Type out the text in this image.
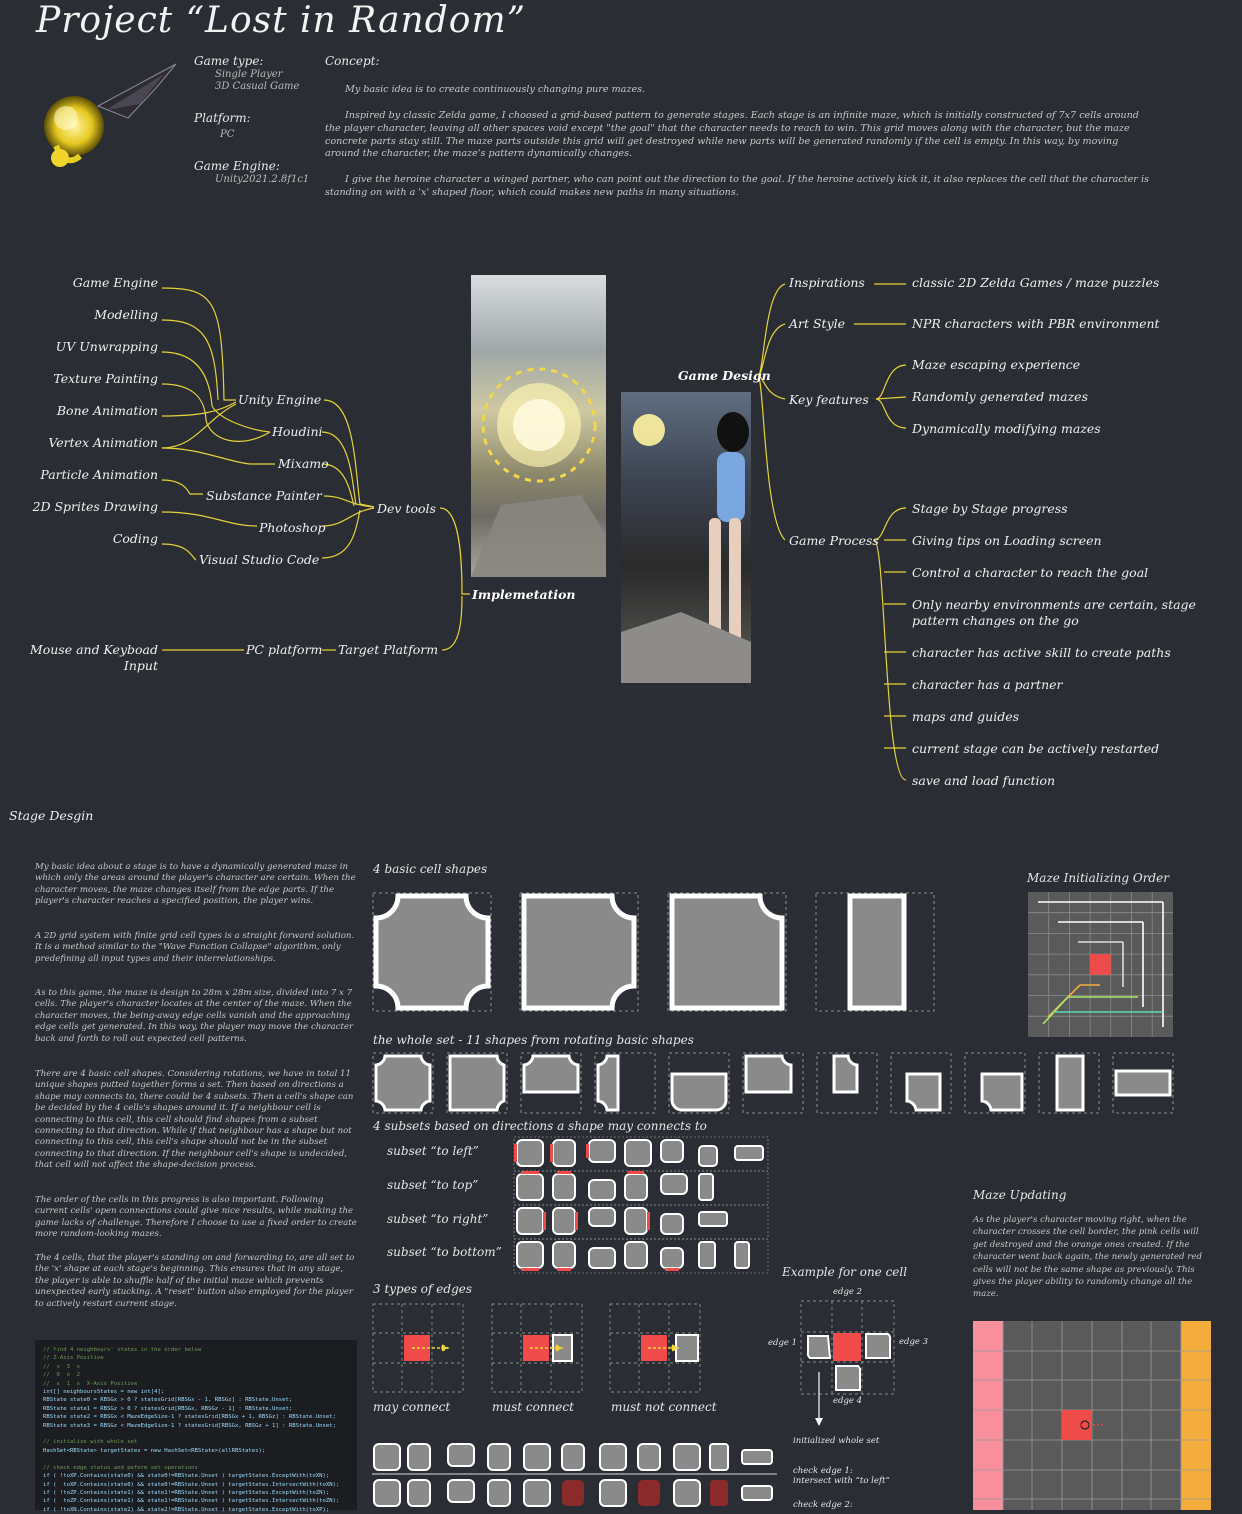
Project “Lost in Random”
Game type:
Single Player
3D Casual Game
Platform:
PC
Game Engine:
Unity2021.2.8f1c1
Concept:
My basic idea is to create continuously changing pure mazes.
Inspired by classic Zelda game, I choosed a grid-based pattern to generate stages. Each stage is an infinite maze, which is initially constructed of 7x7 cells around the player character, leaving all other spaces void except "the goal" that the character needs to reach to win. This grid moves along with the character, but the maze concrete parts stay still. The maze parts outside this grid will get destroyed while new parts will be generated randomly if the cell is empty. In this way, by moving around the character, the maze's pattern dynamically changes.
I give the heroine character a winged partner, who can point out the direction to the goal. If the heroine actively kick it, it also replaces the cell that the character is standing on with a 'x' shaped floor, which could makes new paths in many situations.
Game Engine
Modelling
UV Unwrapping
Texture Painting
Bone Animation
Vertex Animation
Particle Animation
2D Sprites Drawing
Coding
Unity Engine
Houdini
Mixamo
Substance Painter
Photoshop
Visual Studio Code
Dev tools
Mouse and Keyboad Input
PC platform Target Platform
Implemetation
Game Design
Inspirations	classic 2D Zelda Games / maze puzzles
Art Style	NPR characters with PBR environment
Key features
Maze escaping experience
Randomly generated mazes
Dynamically modifying mazes
Game Process
Stage by Stage progress
Giving tips on Loading screen
Control a character to reach the goal
Only nearby environments are certain, stage pattern changes on the go
character has active skill to create paths
character has a partner
maps and guides
current stage can be actively restarted
save and load function
Stage Desgin
My basic idea about a stage is to have a dynamically generated maze in which only the areas around the player's character are certain. When the character moves, the maze changes itself from the edge parts. If the player's character reaches a specified position, the player wins.
A 2D grid system with finite grid cell types is a straight forward solution. It is a method similar to the "Wave Function Collapse" algorithm, only predefining all input types and their interrelationships.
As to this game, the maze is design to 28m x 28m size, divided into 7 x 7 cells. The player's character locates at the center of the maze. When the character moves, the being-away edge cells vanish and the approaching edge cells get generated. In this way, the player may move the character back and forth to roll out expected cell patterns.
There are 4 basic cell shapes. Considering rotations, we have in total 11 unique shapes putted together forms a set. Then based on directions a shape may connects to, there could be 4 subsets. Then a cell's shape can be decided by the 4 cells's shapes around it. If a neighbour cell is connecting to this cell, this cell should find shapes from a subset connecting to that direction. While if that neighbour has a shape but not connecting to this cell, this cell's shape should not be in the subset connecting to that direction. If the neighbour cell's shape is undecided, that cell will not affect the shape-decision process.
The order of the cells in this progress is also important. Following current cells' open connections could give nice results, while making the game lacks of challenge. Therefore I choose to use a fixed order to create more random-looking mazes.
The 4 cells, that the player's standing on and forwarding to, are all set to the 'x' shape at each stage's beginning. This ensures that in any stage, the player is able to shuffle half of the initial maze which prevents unexpected early stucking. A "reset" button also employed for the player to actively restart current stage.
// find 4 neighbours' states in the order below
// Z-Axis Positive
//  x  3  x
//  0  o  2
//  x  1  x  X-Axis Positive
int[] neighboursStates = new int[4];
RBState state0 = RBSGx > 0 ? statesGrid[RBSGx - 1, RBSGz] : RBState.Unset;
RBState state1 = RBSGz > 0 ? statesGrid[RBSGx, RBSGz - 1] : RBState.Unset;
RBState state2 = RBSGx < MazeEdgeSize-1 ? statesGrid[RBSGx + 1, RBSGz] : RBState.Unset;
RBState state3 = RBSGz < MazeEdgeSize-1 ? statesGrid[RBSGx, RBSGz + 1] : RBState.Unset;
// initialize with whole set
HashSet<RBState> targetStates = new HashSet<RBState>(allRBStates);
// check edge status and peform set operations
if ( !toXP.Contains(state0) && state0!=RBState.Unset ) targetStates.ExceptWith(toXN);
if (  toXP.Contains(state0) && state0!=RBState.Unset ) targetStates.IntersectWith(toXN);
if ( !toZP.Contains(state1) && state1!=RBState.Unset ) targetStates.ExceptWith(toZN);
if (  toZP.Contains(state1) && state1!=RBState.Unset ) targetStates.IntersectWith(toZN);
if ( !toXN.Contains(state2) && state2!=RBState.Unset ) targetStates.ExceptWith(toXP);
4 basic cell shapes
the whole set - 11 shapes from rotating basic shapes
4 subsets based on directions a shape may connects to
subset “to left”
subset “to top”
subset “to right”
subset “to bottom”
3 types of edges
may connect	must connect	must not connect
Example for one cell
edge 2
edge 1	edge 3
edge 4
initialized whole set
check edge 1:
intersect with “to left”
check edge 2:
Maze Initializing Order
Maze Updating
As the player's character moving right, when the character crosses the cell border, the pink cells will get destroyed and the orange ones created. If the character went back again, the newly generated red cells will not be the same shape as previously. This gives the player ability to randomly change all the maze.
